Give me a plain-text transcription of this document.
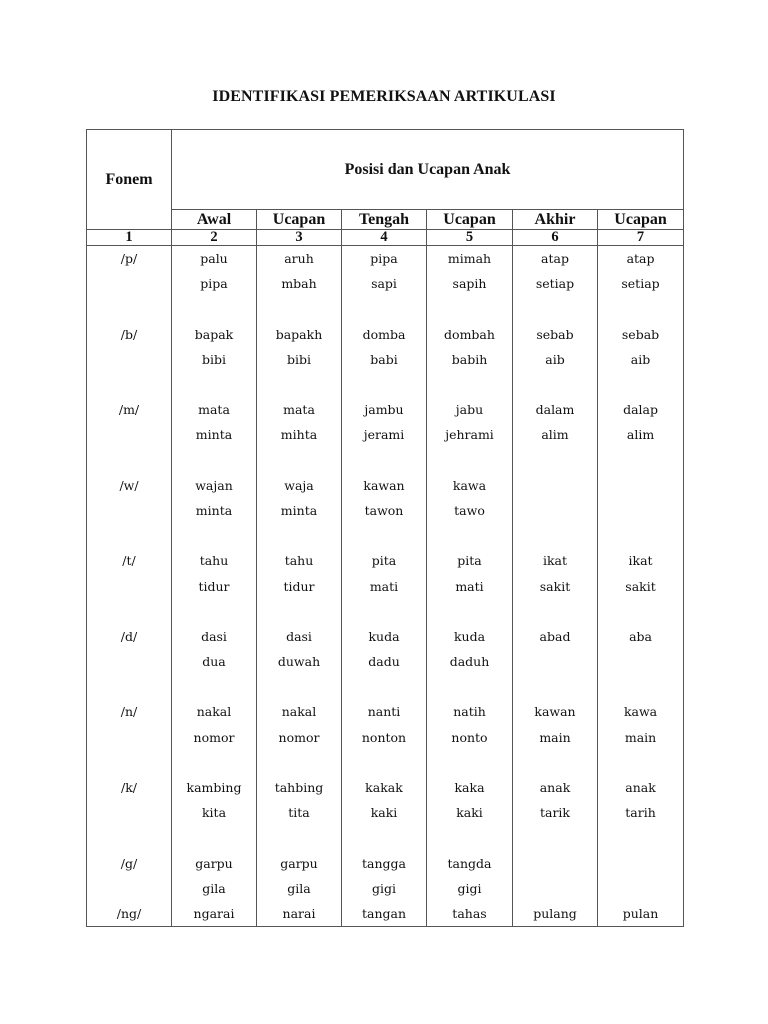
IDENTIFIKASI PEMERIKSAAN ARTIKULASI
Fonem	Posisi dan Ucapan Anak					
	Awal	Ucapan	Tengah	Ucapan	Akhir	Ucapan
1	2	3	4	5	6	7
/p/	palu	aruh	pipa	mimah	atap	atap
	pipa	mbah	sapi	sapih	setiap	setiap

/b/	bapak	bapakh	domba	dombah	sebab	sebab
	bibi	bibi	babi	babih	aib	aib

/m/	mata	mata	jambu	jabu	dalam	dalap
	minta	mihta	jerami	jehrami	alim	alim

/w/	wajan	waja	kawan	kawa		
	minta	minta	tawon	tawo		

/t/	tahu	tahu	pita	pita	ikat	ikat
	tidur	tidur	mati	mati	sakit	sakit

/d/	dasi	dasi	kuda	kuda	abad	aba
	dua	duwah	dadu	daduh		

/n/	nakal	nakal	nanti	natih	kawan	kawa
	nomor	nomor	nonton	nonto	main	main

/k/	kambing	tahbing	kakak	kaka	anak	anak
	kita	tita	kaki	kaki	tarik	tarih

/g/	garpu	garpu	tangga	tangda		
	gila	gila	gigi	gigi		
/ng/	ngarai	narai	tangan	tahas	pulang	pulan
